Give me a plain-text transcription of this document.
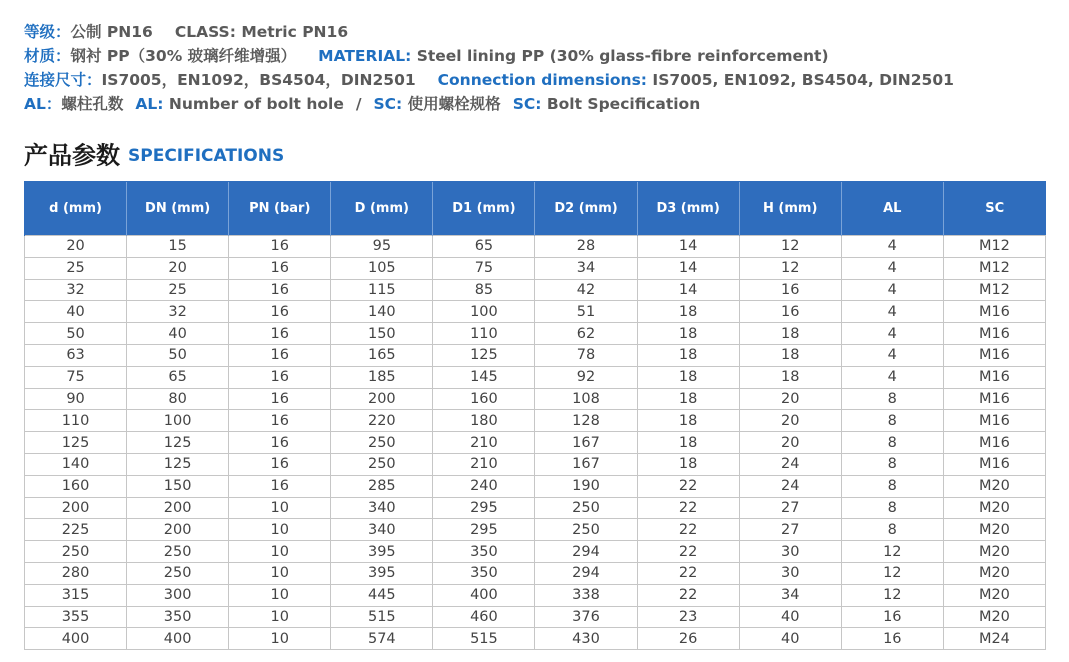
等级：公制 PN16 CLASS: Metric PN16
材质：钢衬 PP（30% 玻璃纤维增强） MATERIAL: Steel lining PP (30% glass-fibre reinforcement)
连接尺寸：IS7005，EN1092，BS4504，DIN2501 Connection dimensions: IS7005, EN1092, BS4504, DIN2501
AL：螺柱孔数 AL: Number of bolt hole / SC: 使用螺栓规格 SC: Bolt Specification
产品参数 SPECIFICATIONS
d (mm)	DN (mm)	PN (bar)	D (mm)	D1 (mm)	D2 (mm)	D3 (mm)	H (mm)	AL	SC
20	15	16	95	65	28	14	12	4	M12
25	20	16	105	75	34	14	12	4	M12
32	25	16	115	85	42	14	16	4	M12
40	32	16	140	100	51	18	16	4	M16
50	40	16	150	110	62	18	18	4	M16
63	50	16	165	125	78	18	18	4	M16
75	65	16	185	145	92	18	18	4	M16
90	80	16	200	160	108	18	20	8	M16
110	100	16	220	180	128	18	20	8	M16
125	125	16	250	210	167	18	20	8	M16
140	125	16	250	210	167	18	24	8	M16
160	150	16	285	240	190	22	24	8	M20
200	200	10	340	295	250	22	27	8	M20
225	200	10	340	295	250	22	27	8	M20
250	250	10	395	350	294	22	30	12	M20
280	250	10	395	350	294	22	30	12	M20
315	300	10	445	400	338	22	34	12	M20
355	350	10	515	460	376	23	40	16	M20
400	400	10	574	515	430	26	40	16	M24
